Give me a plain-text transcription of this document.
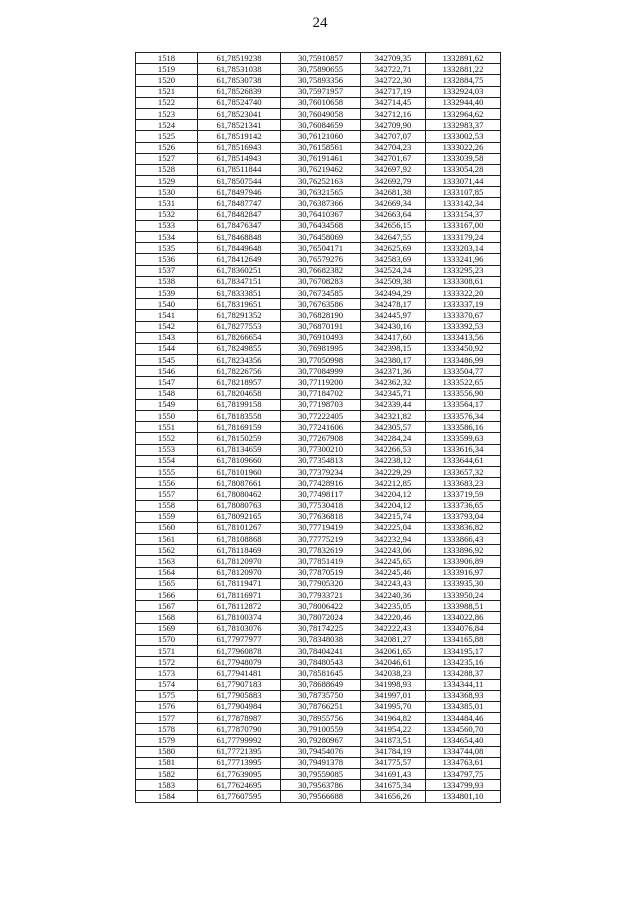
24
1518	61,78519238	30,75910857	342709,35	1332891,62
1519	61,78531038	30,75890655	342722,71	1332881,22
1520	61,78530738	30,75893356	342722,30	1332884,75
1521	61,78526839	30,75971957	342717,19	1332924,03
1522	61,78524740	30,76010658	342714,45	1332944,40
1523	61,78523041	30,76049058	342712,16	1332964,62
1524	61,78521341	30,76084659	342709,90	1332983,37
1525	61,78519142	30,76121060	342707,07	1333002,53
1526	61,78516943	30,76158561	342704,23	1333022,26
1527	61,78514943	30,76191461	342701,67	1333039,58
1528	61,78511844	30,76219462	342697,92	1333054,28
1529	61,78507544	30,76252163	342692,79	1333071,44
1530	61,78497946	30,76321565	342681,38	1333107,85
1531	61,78487747	30,76387366	342669,34	1333142,34
1532	61,78482847	30,76410367	342663,64	1333154,37
1533	61,78476347	30,76434568	342656,15	1333167,00
1534	61,78468848	30,76458069	342647,55	1333179,24
1535	61,78449648	30,76504171	342625,69	1333203,14
1536	61,78412649	30,76579276	342583,69	1333241,96
1537	61,78360251	30,76682382	342524,24	1333295,23
1538	61,78347151	30,76708283	342509,38	1333308,61
1539	61,78333851	30,76734585	342494,29	1333322,20
1540	61,78319651	30,76763586	342478,17	1333337,19
1541	61,78291352	30,76828190	342445,97	1333370,67
1542	61,78277553	30,76870191	342430,16	1333392,53
1543	61,78266654	30,76910493	342417,60	1333413,56
1544	61,78249855	30,76981995	342398,15	1333450,92
1545	61,78234356	30,77050998	342380,17	1333486,99
1546	61,78226756	30,77084999	342371,36	1333504,77
1547	61,78218957	30,77119200	342362,32	1333522,65
1548	61,78204658	30,77184702	342345,71	1333556,90
1549	61,78199158	30,77198703	342339,44	1333564,17
1550	61,78183558	30,77222405	342321,82	1333576,34
1551	61,78169159	30,77241606	342305,57	1333586,16
1552	61,78150259	30,77267908	342284,24	1333599,63
1553	61,78134659	30,77300210	342266,53	1333616,34
1554	61,78109660	30,77354813	342238,12	1333644,61
1555	61,78101960	30,77379234	342229,29	1333657,32
1556	61,78087661	30,77428916	342212,85	1333683,23
1557	61,78080462	30,77498117	342204,12	1333719,59
1558	61,78080763	30,77530418	342204,12	1333736,65
1559	61,78092165	30,77636818	342215,74	1333793,04
1560	61,78101267	30,77719419	342225,04	1333836,82
1561	61,78108868	30,77775219	342232,94	1333866,43
1562	61,78118469	30,77832619	342243,06	1333896,92
1563	61,78120970	30,77851419	342245,65	1333906,89
1564	61,78120970	30,77870519	342245,46	1333916,97
1565	61,78119471	30,77905320	342243,43	1333935,30
1566	61,78116971	30,77933721	342240,36	1333950,24
1567	61,78112872	30,78006422	342235,05	1333988,51
1568	61,78100374	30,78072024	342220,46	1334022,86
1569	61,78103076	30,78174225	342222,43	1334076,84
1570	61,77977977	30,78348038	342081,27	1334165,88
1571	61,77960878	30,78404241	342061,65	1334195,17
1572	61,77948079	30,78480543	342046,61	1334235,16
1573	61,77941481	30,78581645	342038,23	1334288,37
1574	61,77907183	30,78688649	341998,93	1334344,11
1575	61,77905883	30,78735750	341997,01	1334368,93
1576	61,77904984	30,78766251	341995,70	1334385,01
1577	61,77878987	30,78955756	341964,82	1334484,46
1578	61,77870790	30,79100559	341954,22	1334560,70
1579	61,77799992	30,79280967	341873,51	1334654,40
1580	61,77721395	30,79454076	341784,19	1334744,08
1581	61,77713995	30,79491378	341775,57	1334763,61
1582	61,77639095	30,79559085	341691,43	1334797,75
1583	61,77624695	30,79563786	341675,34	1334799,93
1584	61,77607595	30,79566688	341656,26	1334801,10
